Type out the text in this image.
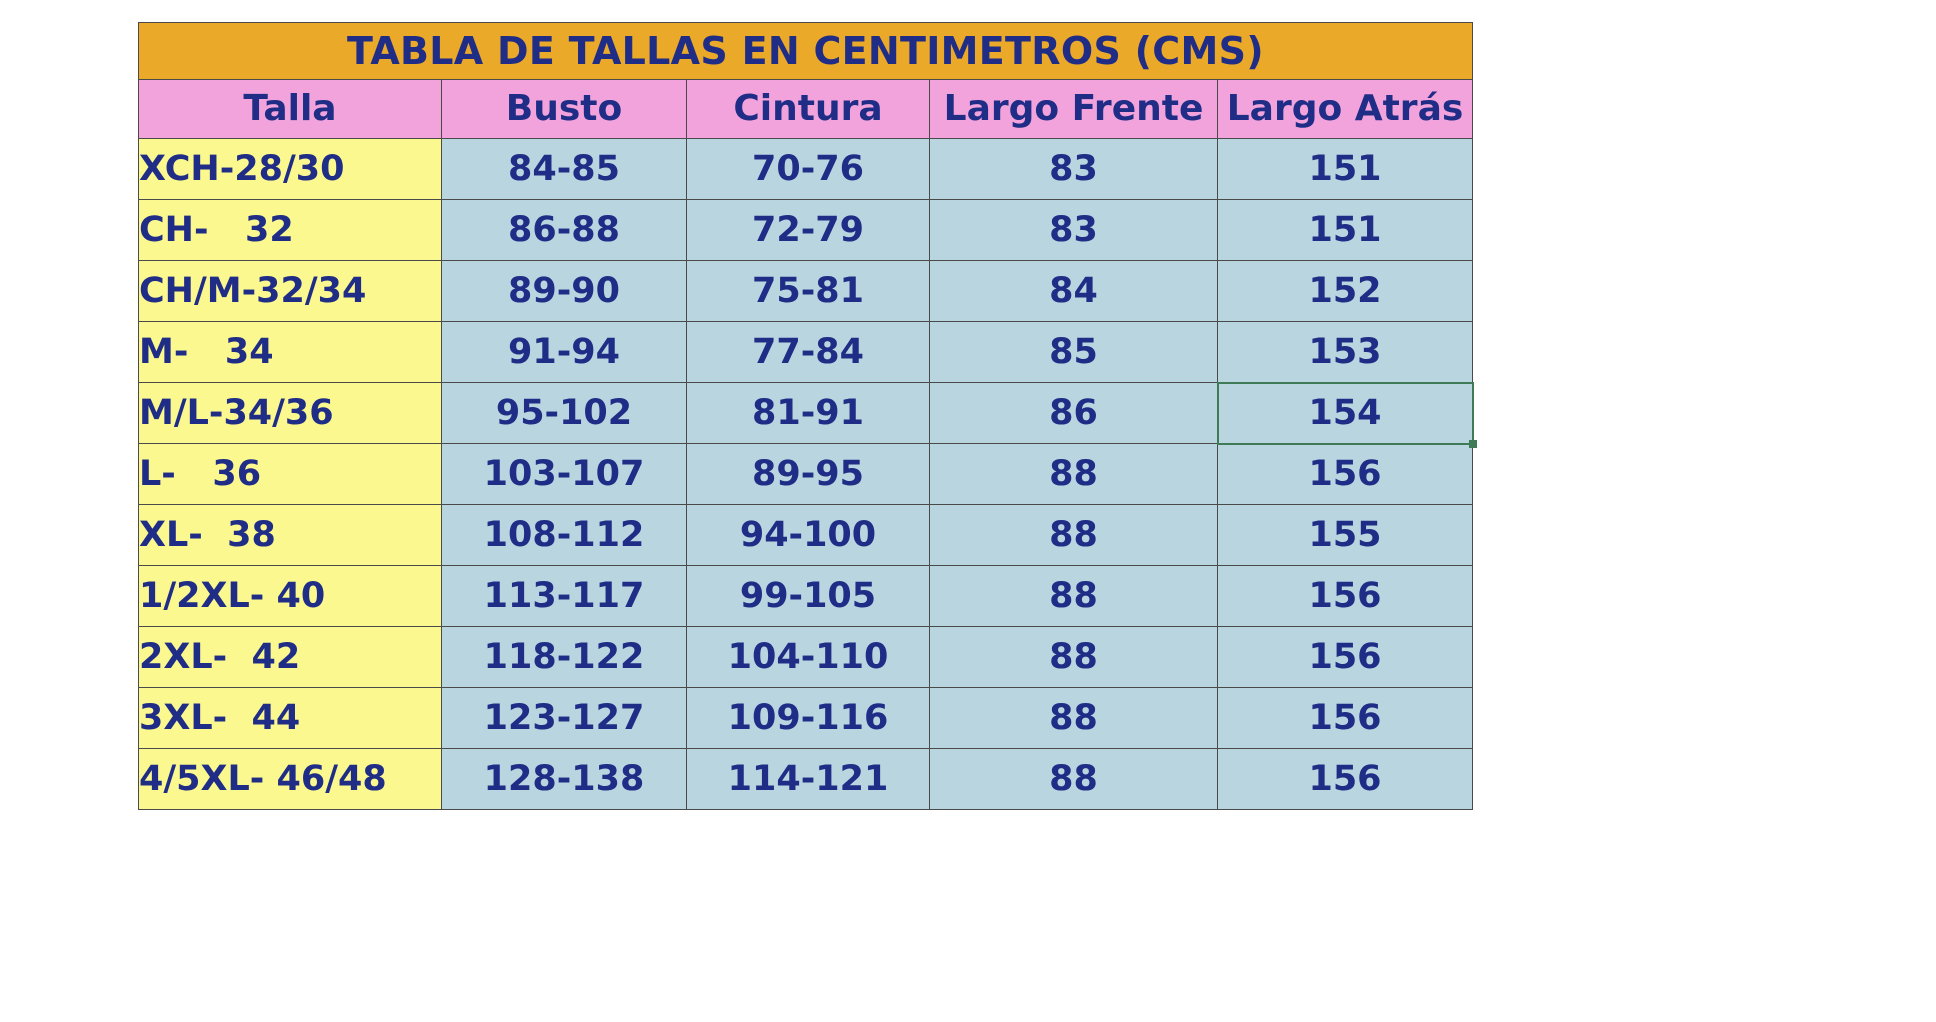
TABLA DE TALLAS EN CENTIMETROS (CMS)				
Talla	Busto	Cintura	Largo Frente	Largo Atrás
XCH-28/30	84-85	70-76	83	151
CH-   32	86-88	72-79	83	151
CH/M-32/34	89-90	75-81	84	152
M-   34	91-94	77-84	85	153
M/L-34/36	95-102	81-91	86	154
L-   36	103-107	89-95	88	156
XL-  38	108-112	94-100	88	155
1/2XL- 40	113-117	99-105	88	156
2XL-  42	118-122	104-110	88	156
3XL-  44	123-127	109-116	88	156
4/5XL- 46/48	128-138	114-121	88	156
